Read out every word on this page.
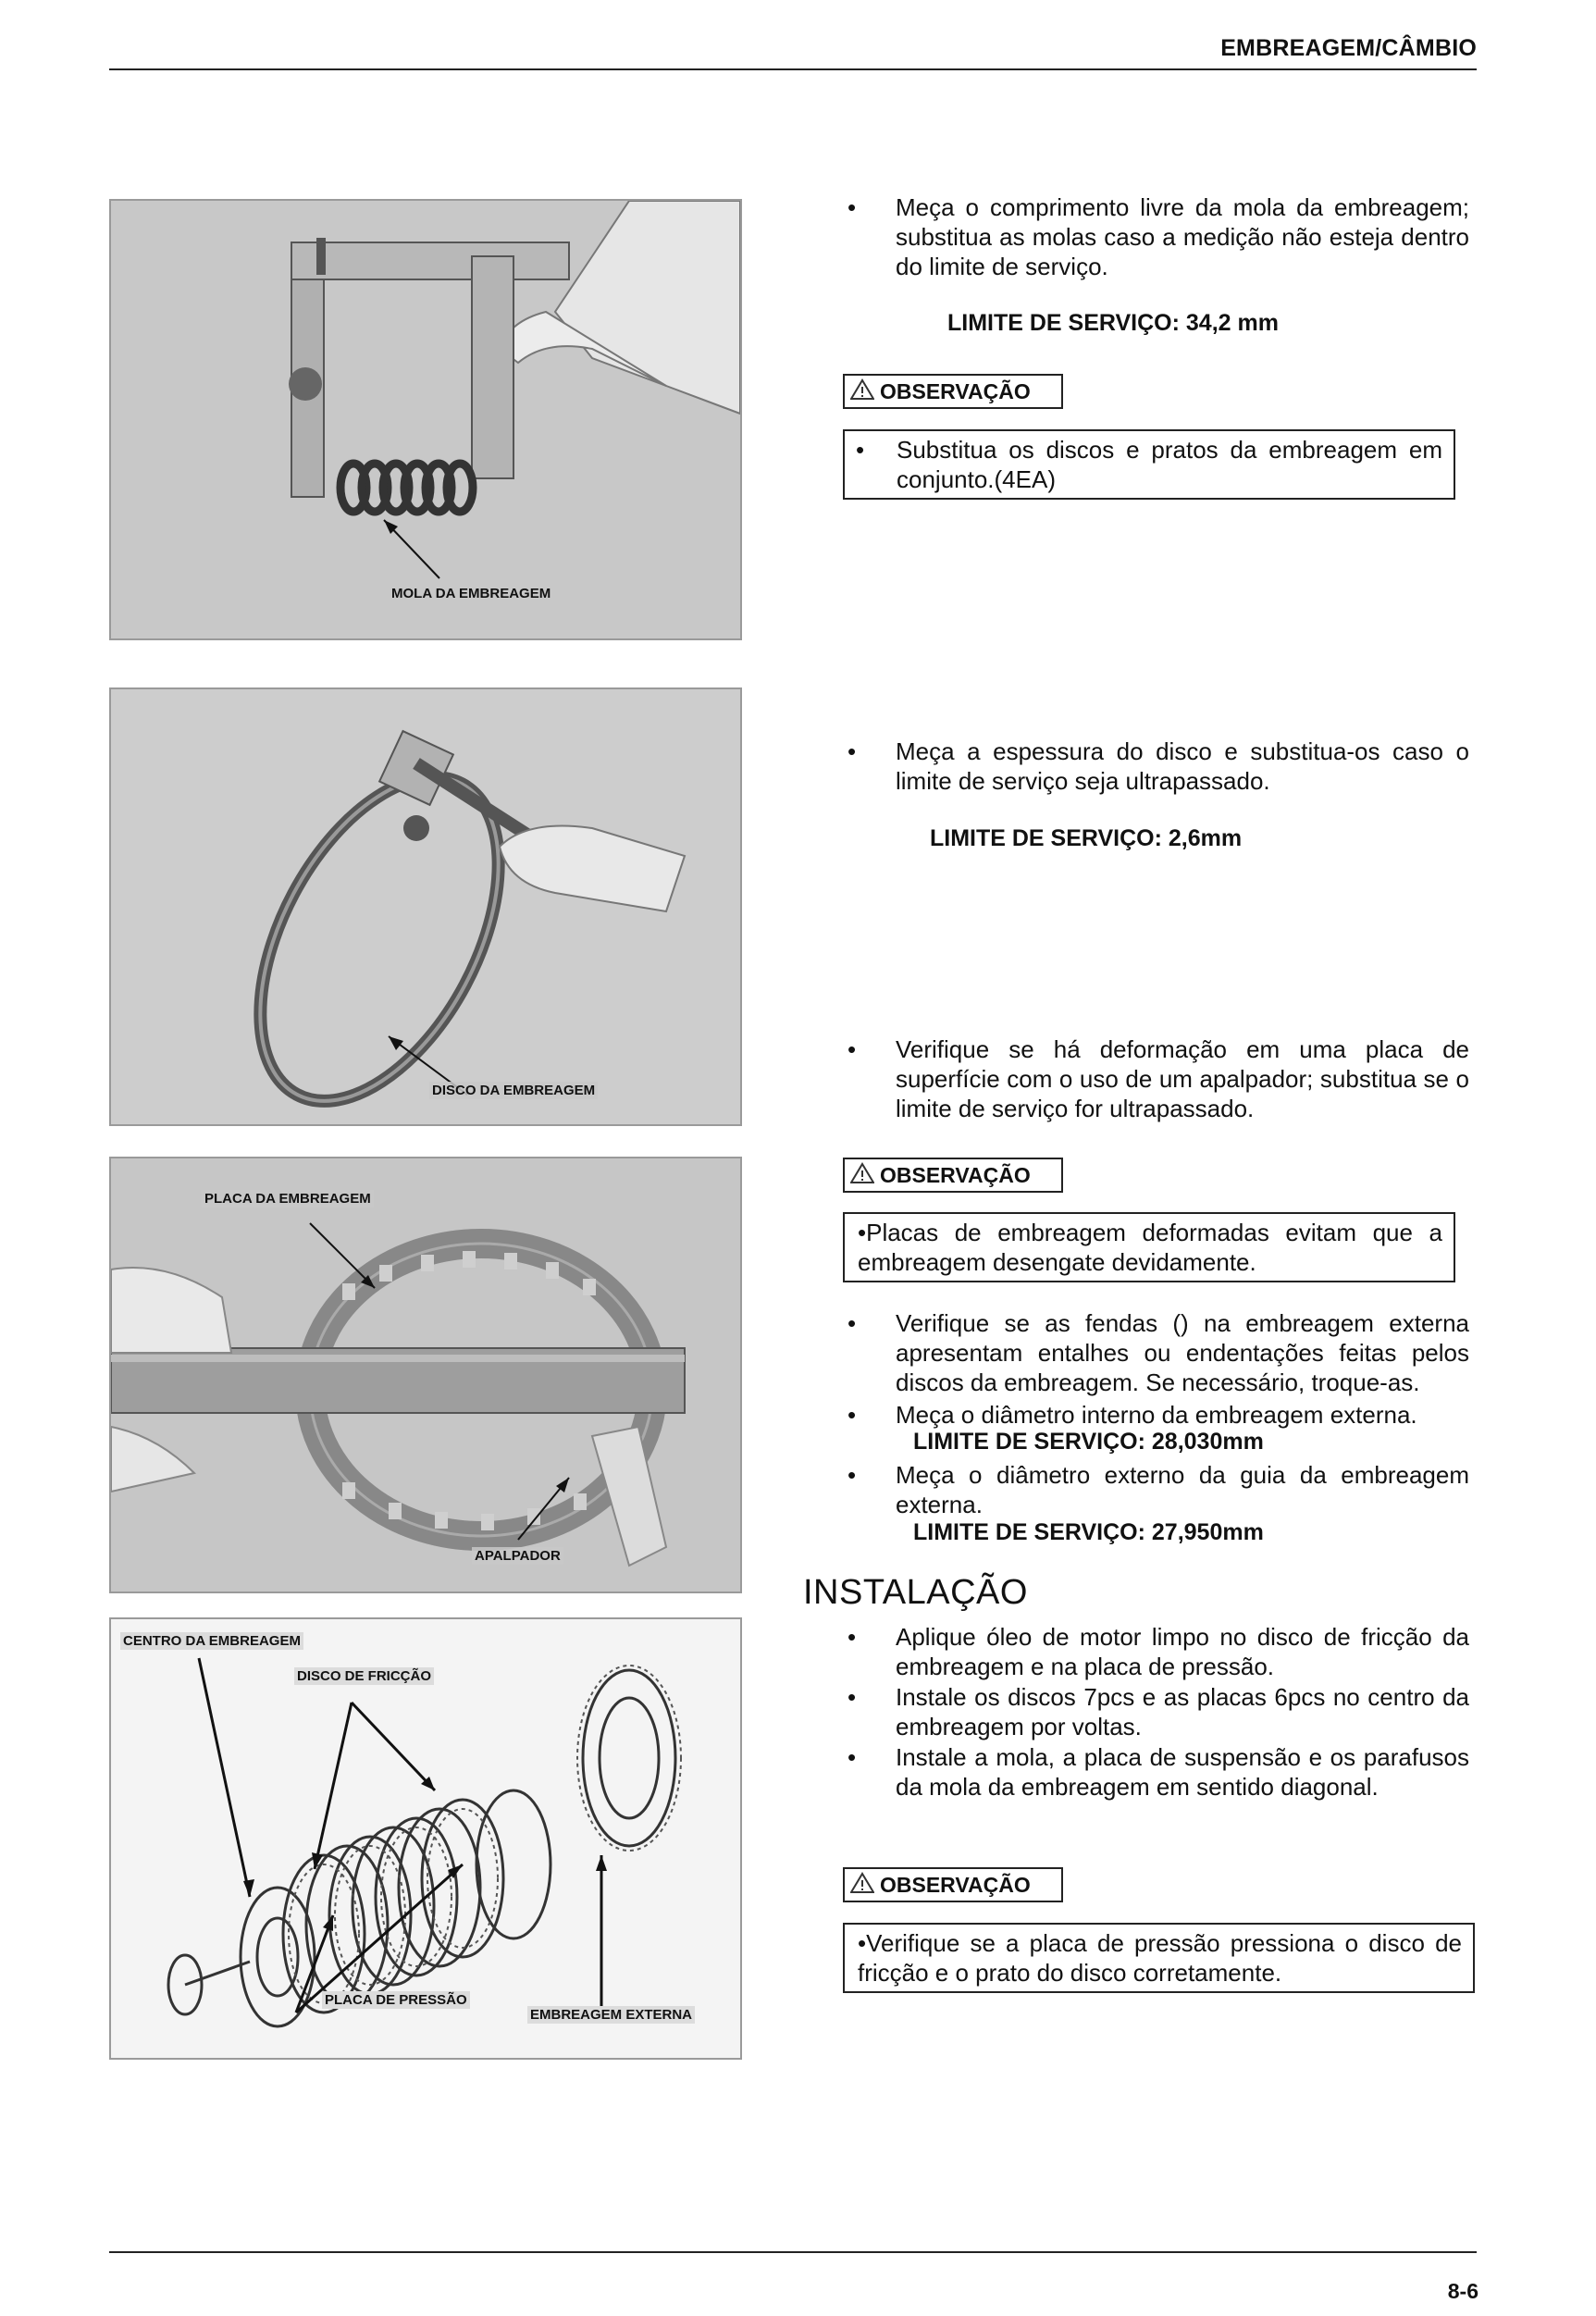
EMBREAGEM/CÂMBIO
8-6
MOLA DA EMBREAGEM
DISCO DA EMBREAGEM
PLACA DA EMBREAGEM
APALPADOR
CENTRO DA EMBREAGEM
DISCO DE FRICÇÃO
PLACA DE PRESSÃO
EMBREAGEM EXTERNA
• Meça o comprimento livre da mola da embreagem; substitua as molas caso a medição não esteja dentro do limite de serviço.
LIMITE DE SERVIÇO: 34,2 mm
OBSERVAÇÃO
• Substitua os discos e pratos da embreagem em conjunto.(4EA)
• Meça a espessura do disco e substitua-os caso o limite de serviço seja ultrapassado.
LIMITE DE SERVIÇO: 2,6mm
• Verifique se há deformação em uma placa de superfície com o uso de um apalpador; substitua se o limite de serviço for ultrapassado.
OBSERVAÇÃO
•Placas de embreagem deformadas evitam que a embreagem desengate devidamente.
• Verifique se as fendas () na embreagem externa apresentam entalhes ou endentações feitas pelos discos da embreagem. Se necessário, troque-as.
• Meça o diâmetro interno da embreagem externa.
LIMITE DE SERVIÇO: 28,030mm
• Meça o diâmetro externo da guia da embreagem externa.
LIMITE DE SERVIÇO: 27,950mm
INSTALAÇÃO
• Aplique óleo de motor limpo no disco de fricção da embreagem e na placa de pressão.
• Instale os discos 7pcs e as placas 6pcs no centro da embreagem por voltas.
• Instale a mola, a placa de suspensão e os parafusos da mola da embreagem em sentido diagonal.
OBSERVAÇÃO
•Verifique se a placa de pressão pressiona o disco de fricção e o prato do disco corretamente.
